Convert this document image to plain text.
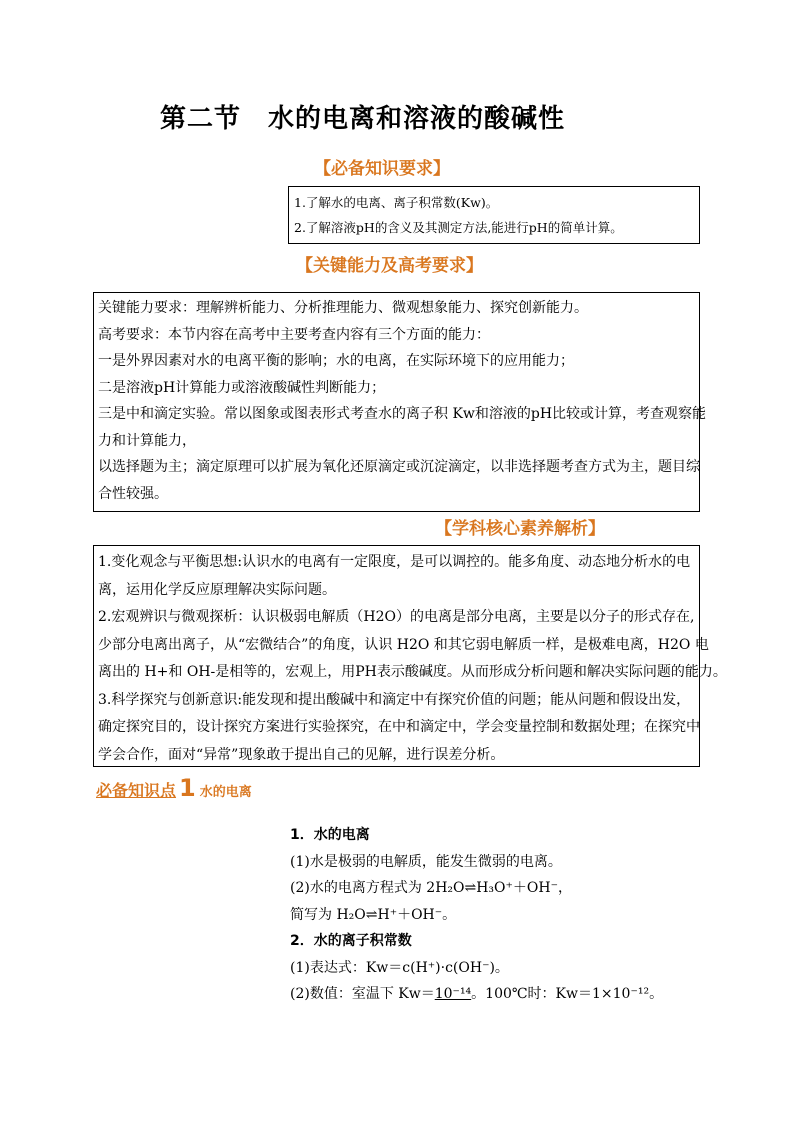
第二节　水的电离和溶液的酸碱性
【必备知识要求】

1.了解水的电离、离子积常数(Kw)。

2.了解溶液pH的含义及其测定方法,能进行pH的简单计算。

【关键能力及高考要求】

关键能力要求：理解辨析能力、分析推理能力、微观想象能力、探究创新能力。

高考要求：本节内容在高考中主要考查内容有三个方面的能力：

一是外界因素对水的电离平衡的影响；水的电离，在实际环境下的应用能力；

二是溶液pH计算能力或溶液酸碱性判断能力；

三是中和滴定实验。常以图象或图表形式考查水的离子积 Kw和溶液的pH比较或计算，考查观察能

力和计算能力，

以选择题为主；滴定原理可以扩展为氧化还原滴定或沉淀滴定，以非选择题考查方式为主，题目综

合性较强。

【学科核心素养解析】

1.变化观念与平衡思想:认识水的电离有一定限度，是可以调控的。能多角度、动态地分析水的电

离，运用化学反应原理解决实际问题。

2.宏观辨识与微观探析：认识极弱电解质（H2O）的电离是部分电离，主要是以分子的形式存在,

少部分电离出离子，从“宏微结合”的角度，认识 H2O 和其它弱电解质一样，是极难电离，H2O 电

离出的 H+和 OH-是相等的，宏观上，用PH表示酸碱度。从而形成分析问题和解决实际问题的能力。

3.科学探究与创新意识:能发现和提出酸碱中和滴定中有探究价值的问题；能从问题和假设出发，

确定探究目的，设计探究方案进行实验探究，在中和滴定中，学会变量控制和数据处理；在探究中

学会合作，面对“异常”现象敢于提出自己的见解，进行误差分析。

必备知识点 1 水的电离

1．水的电离

(1)水是极弱的电解质，能发生微弱的电离。

(2)水的电离方程式为 2H₂O⇌H₃O⁺＋OH⁻，

简写为 H₂O⇌H⁺＋OH⁻。

2．水的离子积常数

(1)表达式：Kw＝c(H⁺)·c(OH⁻)。

(2)数值：室温下 Kw＝10⁻¹⁴。100℃时：Kw＝1×10⁻¹²。
